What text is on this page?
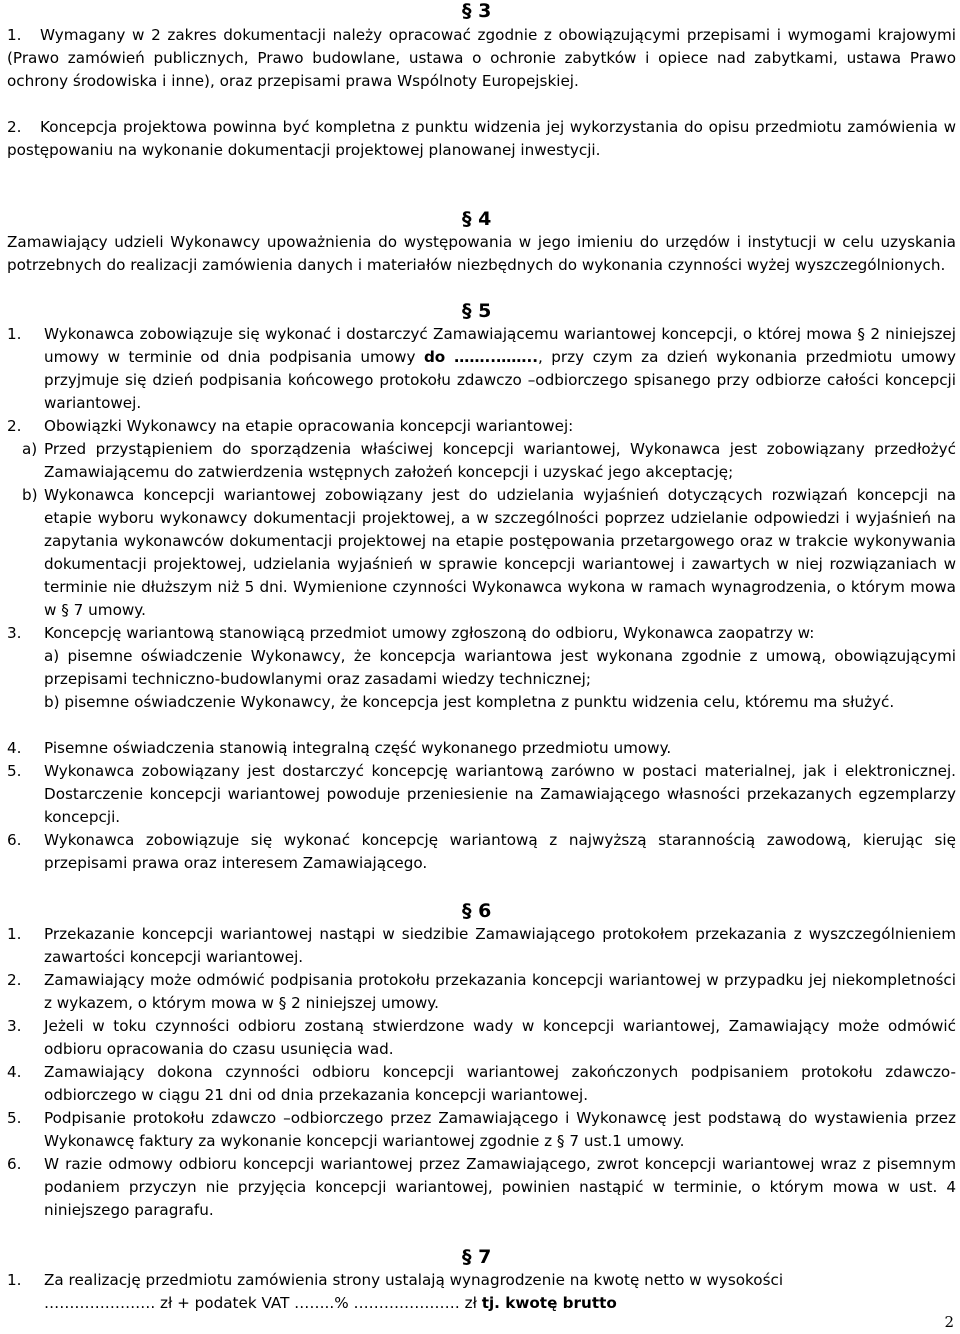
§ 3
1.	Wymagany w 2 zakres dokumentacji należy opracować zgodnie z obowiązującymi przepisami i wymogami krajowymi (Prawo zamówień publicznych, Prawo budowlane, ustawa o ochronie zabytków i opiece nad zabytkami, ustawa Prawo ochrony środowiska i inne), oraz przepisami prawa Wspólnoty Europejskiej.
2.	Koncepcja projektowa powinna być kompletna z punktu widzenia jej wykorzystania do opisu przedmiotu zamówienia w postępowaniu na wykonanie dokumentacji projektowej planowanej inwestycji.
§ 4
Zamawiający udzieli Wykonawcy upoważnienia do występowania w jego imieniu do urzędów i instytucji w celu uzyskania potrzebnych do realizacji zamówienia danych i materiałów niezbędnych do wykonania czynności wyżej wyszczególnionych.
§ 5
1. Wykonawca zobowiązuje się wykonać i dostarczyć Zamawiającemu wariantowej koncepcji, o której mowa § 2 niniejszej umowy w terminie od dnia podpisania umowy do ……..…….., przy czym za dzień wykonania przedmiotu umowy przyjmuje się dzień podpisania końcowego protokołu zdawczo –odbiorczego spisanego przy odbiorze całości koncepcji wariantowej.
2. Obowiązki Wykonawcy na etapie opracowania koncepcji wariantowej:
a) Przed przystąpieniem do sporządzenia właściwej koncepcji wariantowej, Wykonawca jest zobowiązany przedłożyć Zamawiającemu do zatwierdzenia wstępnych założeń koncepcji i uzyskać jego akceptację;
b) Wykonawca koncepcji wariantowej zobowiązany jest do udzielania wyjaśnień dotyczących rozwiązań koncepcji na etapie wyboru wykonawcy dokumentacji projektowej, a w szczególności poprzez udzielanie odpowiedzi i wyjaśnień na zapytania wykonawców dokumentacji projektowej na etapie postępowania przetargowego oraz w trakcie wykonywania dokumentacji projektowej, udzielania wyjaśnień w sprawie koncepcji wariantowej i zawartych w niej rozwiązaniach w terminie nie dłuższym niż 5 dni. Wymienione czynności Wykonawca wykona w ramach wynagrodzenia, o którym mowa w § 7 umowy.
3. Koncepcję wariantową stanowiącą przedmiot umowy zgłoszoną do odbioru, Wykonawca zaopatrzy w:
a) pisemne oświadczenie Wykonawcy, że koncepcja wariantowa jest wykonana zgodnie z umową, obowiązującymi przepisami techniczno-budowlanymi oraz zasadami wiedzy technicznej;
b) pisemne oświadczenie Wykonawcy, że koncepcja jest kompletna z punktu widzenia celu, któremu ma służyć.
4. Pisemne oświadczenia stanowią integralną część wykonanego przedmiotu umowy.
5. Wykonawca zobowiązany jest dostarczyć koncepcję wariantową zarówno w postaci materialnej, jak i elektronicznej. Dostarczenie koncepcji wariantowej powoduje przeniesienie na Zamawiającego własności przekazanych egzemplarzy koncepcji.
6. Wykonawca zobowiązuje się wykonać koncepcję wariantową z najwyższą starannością zawodową, kierując się przepisami prawa oraz interesem Zamawiającego.
§ 6
1. Przekazanie koncepcji wariantowej nastąpi w siedzibie Zamawiającego protokołem przekazania z wyszczególnieniem zawartości koncepcji wariantowej.
2. Zamawiający może odmówić podpisania protokołu przekazania koncepcji wariantowej w przypadku jej niekompletności z wykazem, o którym mowa w § 2 niniejszej umowy.
3. Jeżeli w toku czynności odbioru zostaną stwierdzone wady w koncepcji wariantowej, Zamawiający może odmówić odbioru opracowania do czasu usunięcia wad.
4. Zamawiający dokona czynności odbioru koncepcji wariantowej zakończonych podpisaniem protokołu zdawczo-odbiorczego w ciągu 21 dni od dnia przekazania koncepcji wariantowej.
5. Podpisanie protokołu zdawczo –odbiorczego przez Zamawiającego i Wykonawcę jest podstawą do wystawienia przez Wykonawcę faktury za wykonanie koncepcji wariantowej zgodnie z § 7 ust.1 umowy.
6. W razie odmowy odbioru koncepcji wariantowej przez Zamawiającego, zwrot koncepcji wariantowej wraz z pisemnym podaniem przyczyn nie przyjęcia koncepcji wariantowej, powinien nastąpić w terminie, o którym mowa w ust. 4 niniejszego paragrafu.
§ 7
1. Za realizację przedmiotu zamówienia strony ustalają wynagrodzenie na kwotę netto w wysokości
…………………. zł + podatek VAT ……..% ………………… zł tj. kwotę brutto
2
